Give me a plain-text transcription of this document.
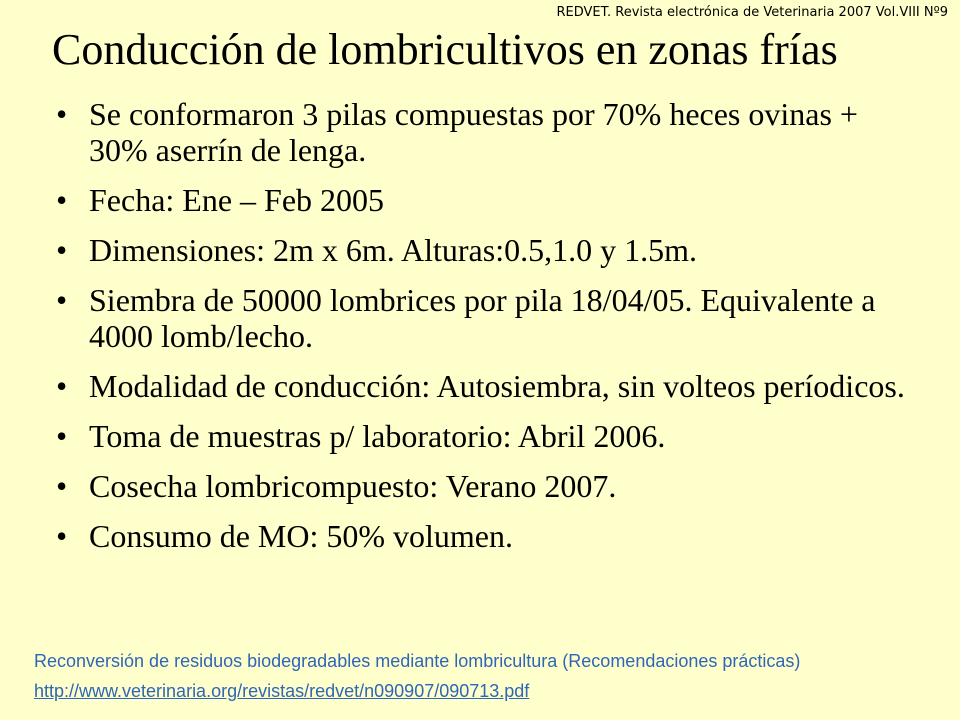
REDVET. Revista electrónica de Veterinaria 2007 Vol.VIII Nº9
Conducción de lombricultivos en zonas frías
• Se conformaron 3 pilas compuestas por 70% heces ovinas + 30% aserrín de lenga.
• Fecha: Ene – Feb 2005
• Dimensiones: 2m x 6m. Alturas:0.5,1.0 y 1.5m.
• Siembra de 50000 lombrices por pila 18/04/05. Equivalente a 4000 lomb/lecho.
• Modalidad de conducción: Autosiembra, sin volteos períodicos.
• Toma de muestras p/ laboratorio: Abril 2006.
• Cosecha lombricompuesto: Verano 2007.
• Consumo de MO: 50% volumen.
Reconversión de residuos biodegradables mediante lombricultura (Recomendaciones prácticas)
http://www.veterinaria.org/revistas/redvet/n090907/090713.pdf
